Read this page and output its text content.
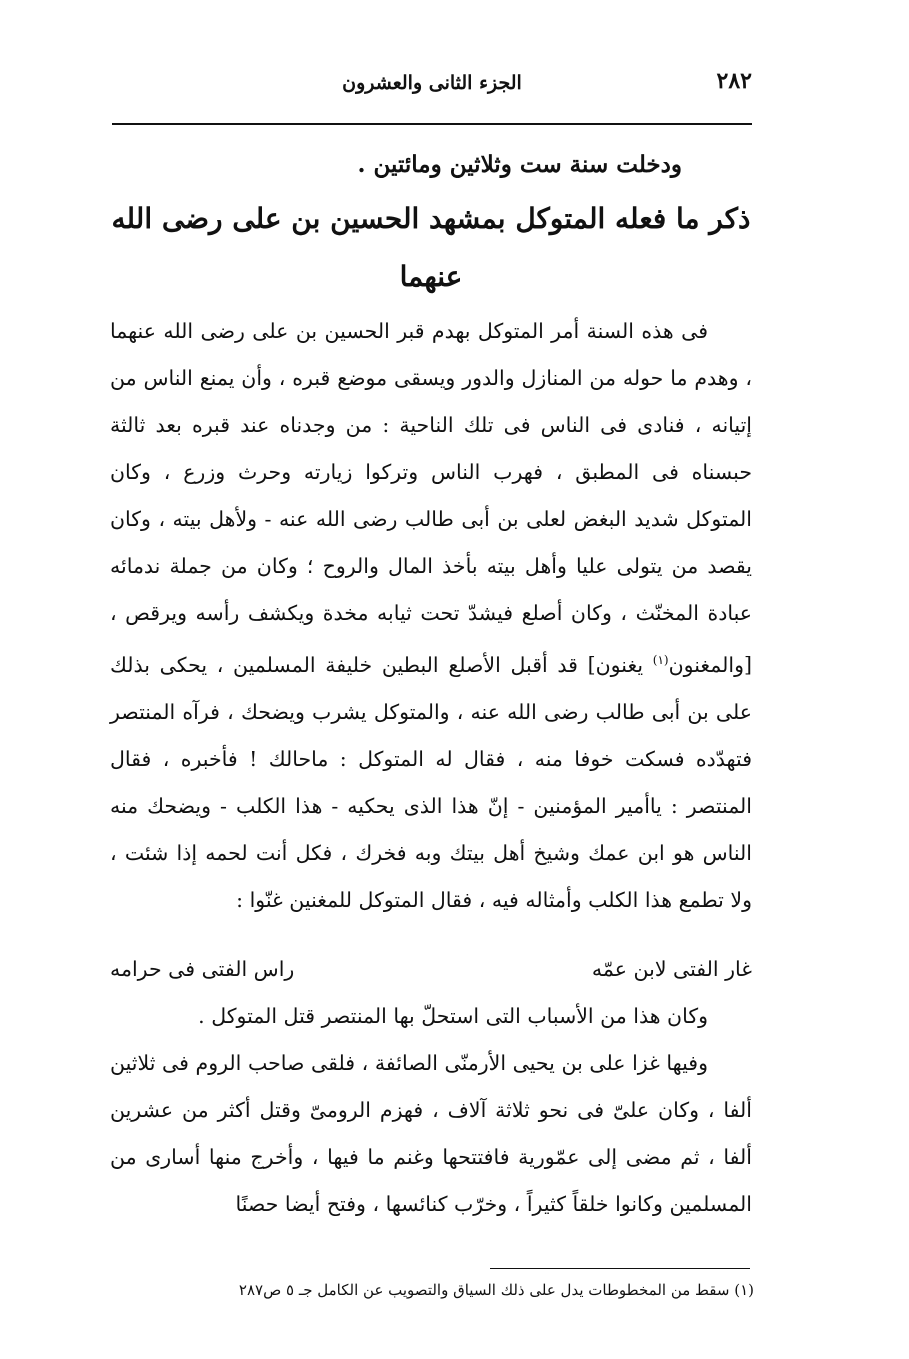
٢٨٢
الجزء الثانى والعشرون
ودخلت سنة ست وثلاثين ومائتين .
ذكر ما فعله المتوكل بمشهد الحسين بن على رضى الله عنهما

فى هذه السنة أمر المتوكل بهدم قبر الحسين بن على رضى الله عنهما ، وهدم ما حوله من المنازل والدور ويسقى موضع قبره ، وأن يمنع الناس من إتيانه ، فنادى فى الناس فى تلك الناحية : من وجدناه عند قبره بعد ثالثة حبسناه فى المطبق ، فهرب الناس وتركوا زيارته وحرث وزرع ، وكان المتوكل شديد البغض لعلى بن أبى طالب رضى الله عنه - ولأهل بيته ، وكان يقصد من يتولى عليا وأهل بيته بأخذ المال والروح ؛ وكان من جملة ندمائه عبادة المخنّث ، وكان أصلع فيشدّ تحت ثيابه مخدة ويكشف رأسه ويرقص ، [والمغنون$^{(١)}$ يغنون] قد أقبل الأصلع البطين خليفة المسلمين ، يحكى بذلك على بن أبى طالب رضى الله عنه ، والمتوكل يشرب ويضحك ، فرآه المنتصر فتهدّده فسكت خوفا منه ، فقال له المتوكل : ماحالك ! فأخبره ، فقال المنتصر : ياأمير المؤمنين - إنّ هذا الذى يحكيه - هذا الكلب - ويضحك منه الناس هو ابن عمك وشيخ أهل بيتك وبه فخرك ، فكل أنت لحمه إذا شئت ، ولا تطمع هذا الكلب وأمثاله فيه ، فقال المتوكل للمغنين غنّوا :

غار الفتى لابن عمّه
راس الفتى فى حرامه

وكان هذا من الأسباب التى استحلّ بها المنتصر قتل المتوكل .

وفيها غزا على بن يحيى الأرمنّى الصائفة ، فلقى صاحب الروم فى ثلاثين ألفا ، وكان علىّ فى نحو ثلاثة آلاف ، فهزم الرومىّ وقتل أكثر من عشرين ألفا ، ثم مضى إلى عمّورية فافتتحها وغنم ما فيها ، وأخرج منها أسارى من المسلمين وكانوا خلقاً كثيراً ، وخرّب كنائسها ، وفتح أيضا حصنًا

(١) سقط من المخطوطات يدل على ذلك السياق والتصويب عن الكامل جـ ٥ ص٢٨٧
